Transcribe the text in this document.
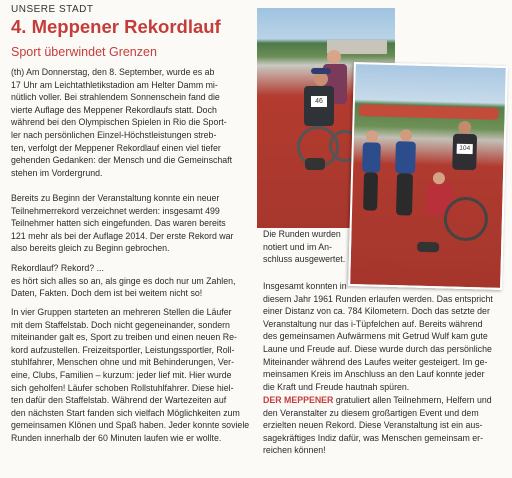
UNSERE STADT
4. Meppener Rekordlauf
Sport überwindet Grenzen
(th) Am Donnerstag, den 8. September, wurde es ab
17 Uhr am Leichtathletikstadion am Helter Damm mi-
nütlich voller. Bei strahlendem Sonnenschein fand die
vierte Auflage des Meppener Rekordlaufs statt. Doch
während bei den Olympischen Spielen in Rio die Sport-
ler nach persönlichen Einzel-Höchstleistungen streb-
ten, verfolgt der Meppener Rekordlauf einen viel tiefer
gehenden Gedanken: der Mensch und die Gemeinschaft
stehen im Vordergrund.
Bereits zu Beginn der Veranstaltung konnte ein neuer
Teilnehmerrekord verzeichnet werden: insgesamt 499
Teilnehmer hatten sich eingefunden. Das waren bereits
121 mehr als bei der Auflage 2014. Der erste Rekord war
also bereits gleich zu Beginn gebrochen.
Rekordlauf? Rekord? ...
es hört sich alles so an, als ginge es doch nur um Zahlen,
Daten, Fakten. Doch dem ist bei weitem nicht so!
In vier Gruppen starteten an mehreren Stellen die Läufer
mit dem Staffelstab. Doch nicht gegeneinander, sondern
miteinander galt es, Sport zu treiben und einen neuen Re-
kord aufzustellen. Freizeitsportler, Leistungssportler, Roll-
stuhlfahrer, Menschen ohne und mit Behinderungen, Ver-
eine, Clubs, Familien – kurzum: jeder lief mit. Hier wurde
sich geholfen! Läufer schoben Rollstuhlfahrer. Diese hiel-
ten dafür den Staffelstab. Während der Wartezeiten auf
den nächsten Start fanden sich vielfach Möglichkeiten zum
gemeinsamen Klönen und Spaß haben. Jeder konnte soviele
Runden innerhalb der 60 Minuten laufen wie er wollte.
46
104
Die Runden wurden
notiert und im An-
schluss ausgewertet.
Insgesamt konnten in
diesem Jahr 1961 Runden erlaufen werden. Das entspricht
einer Distanz von ca. 784 Kilometern. Doch das setzte der
Veranstaltung nur das i-Tüpfelchen auf. Bereits während
des gemeinsamen Aufwärmens mit Getrud Wulf kam gute
Laune und Freude auf. Diese wurde durch das persönliche
Miteinander während des Laufes weiter gesteigert. Im ge-
meinsamen Kreis im Anschluss an den Lauf konnte jeder
die Kraft und Freude hautnah spüren.
DER MEPPENER gratuliert allen Teilnehmern, Helfern und
den Veranstalter zu diesem großartigen Event und dem
erzielten neuen Rekord. Diese Veranstaltung ist ein aus-
sagekräftiges Indiz dafür, was Menschen gemeinsam er-
reichen können!
